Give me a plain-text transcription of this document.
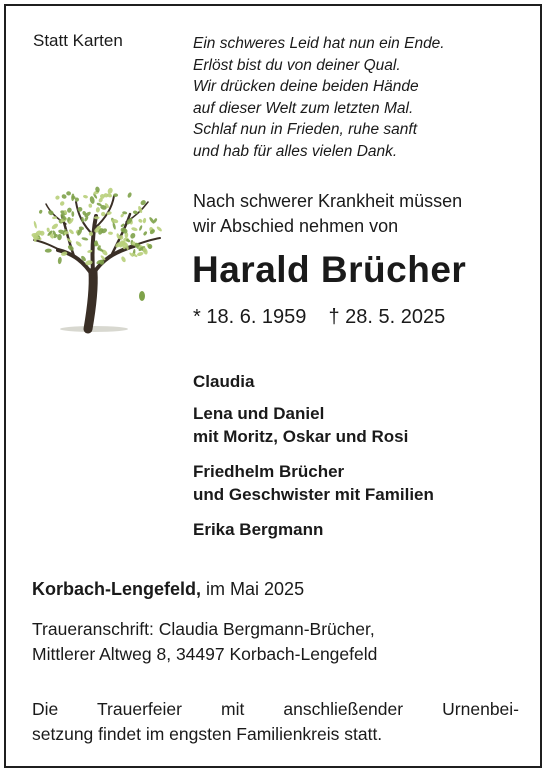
Statt Karten	Ein schweres Leid hat nun ein Ende.
Erlöst bist du von deiner Qual.
Wir drücken deine beiden Hände
auf dieser Welt zum letzten Mal.
Schlaf nun in Frieden, ruhe sanft
und hab für alles vielen Dank.
Nach schwerer Krankheit müssen
wir Abschied nehmen von
Harald Brücher
* 18. 6. 1959 † 28. 5. 2025
Claudia
Lena und Daniel
mit Moritz, Oskar und Rosi
Friedhelm Brücher
und Geschwister mit Familien
Erika Bergmann
Korbach-Lengefeld, im Mai 2025
Traueranschrift: Claudia Bergmann-Brücher,
Mittlerer Altweg 8, 34497 Korbach-Lengefeld
Die Trauerfeier mit anschließender Urnenbei-
setzung findet im engsten Familienkreis statt.
